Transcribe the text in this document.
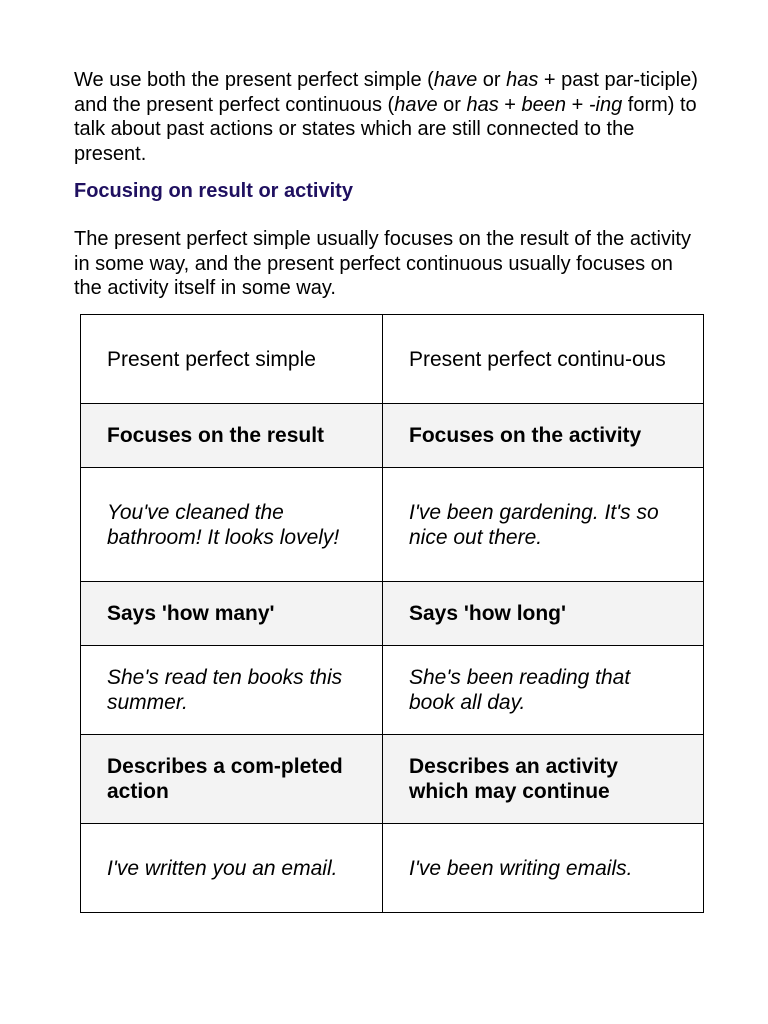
We use both the present perfect simple (have or has + past par-ticiple) and the present perfect continuous (have or has + been + -ing form) to talk about past actions or states which are still connected to the present.

Focusing on result or activity

The present perfect simple usually focuses on the result of the activity in some way, and the present perfect continuous usually focuses on the activity itself in some way.

Present perfect simple	Present perfect continu-ous
Focuses on the result	Focuses on the activity
You've cleaned the bathroom! It looks lovely!	I've been gardening. It's so nice out there.
Says 'how many'	Says 'how long'
She's read ten books this summer.	She's been reading that book all day.
Describes a com-pleted action	Describes an activity which may continue
I've written you an email.	I've been writing emails.
